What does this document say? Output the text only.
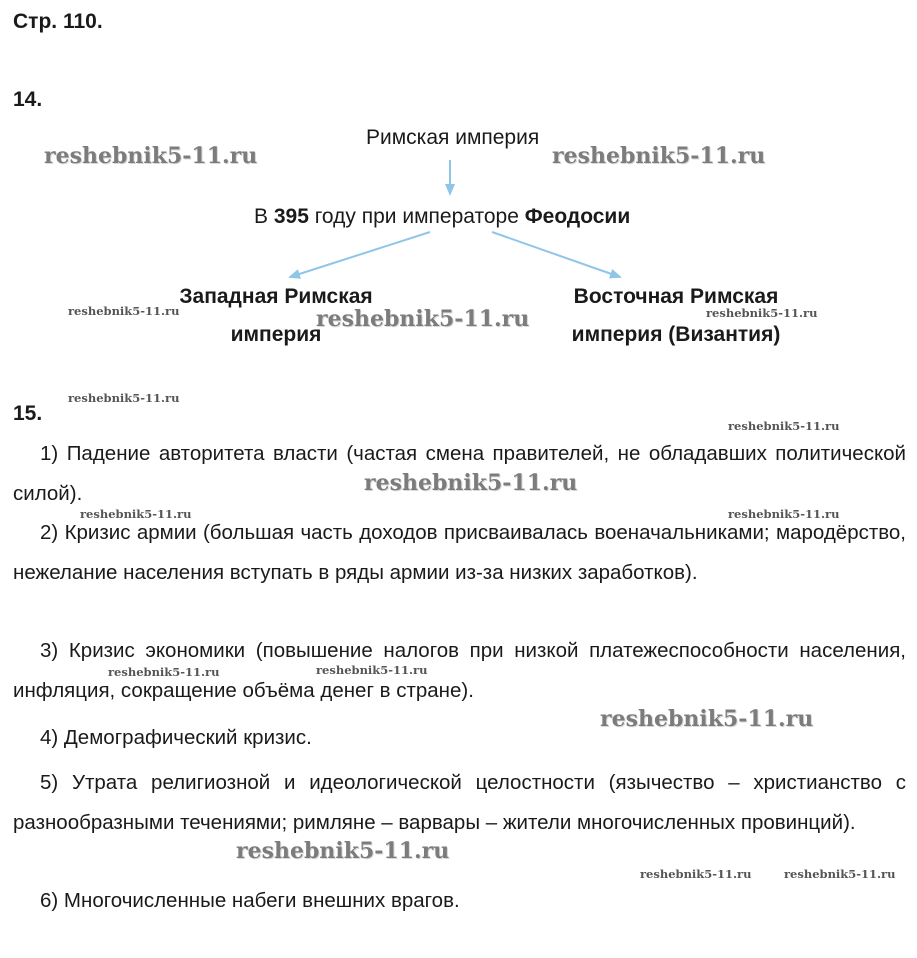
Стр. 110.
14.
Римская империя
В 395 году при императоре Феодосии
Западная Римская
империя
Восточная Римская
империя (Византия)
15.
1) Падение авторитета власти (частая смена правителей, не обладавших политической силой).
2) Кризис армии (большая часть доходов присваивалась военачальниками; мародёрство, нежелание населения вступать в ряды армии из-за низких заработков).
3) Кризис экономики (повышение налогов при низкой платежеспособности населения, инфляция, сокращение объёма денег в стране).
4) Демографический кризис.
5) Утрата религиозной и идеологической целостности (язычество – христианство с разнообразными течениями; римляне – варвары – жители многочисленных провинций).
6) Многочисленные набеги внешних врагов.
reshebnik5-11.ru	reshebnik5-11.ru
reshebnik5-11.ru	reshebnik5-11.ru	reshebnik5-11.ru
reshebnik5-11.ru
reshebnik5-11.ru
reshebnik5-11.ru
reshebnik5-11.ru	reshebnik5-11.ru
reshebnik5-11.ru	reshebnik5-11.ru
reshebnik5-11.ru
reshebnik5-11.ru
reshebnik5-11.ru	reshebnik5-11.ru
